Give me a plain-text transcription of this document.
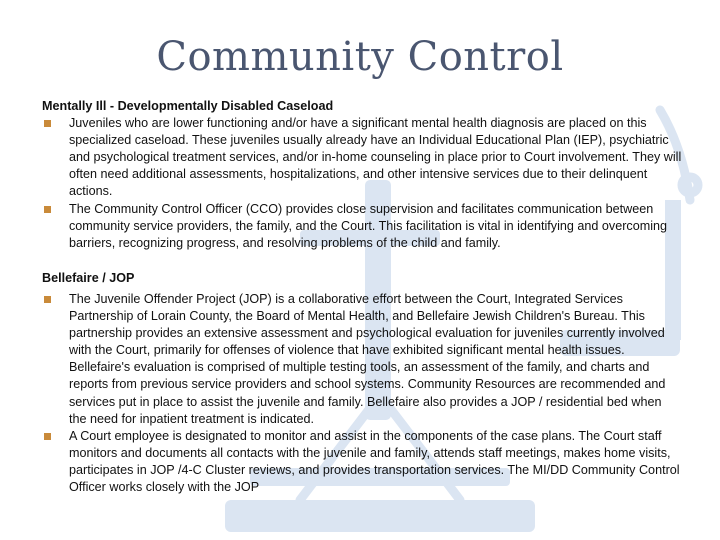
Community Control

Mentally Ill - Developmentally Disabled Caseload

Juveniles who are lower functioning and/or have a significant mental health diagnosis are placed on this specialized caseload. These juveniles usually already have an Individual Educational Plan (IEP), psychiatric and psychological treatment services, and/or in-home counseling in place prior to Court involvement. They will often need additional assessments, hospitalizations, and other intensive services due to their delinquent actions.
The Community Control Officer (CCO) provides close supervision and facilitates communication between community service providers, the family, and the Court. This facilitation is vital in identifying and overcoming barriers, recognizing progress, and resolving problems of the child and family.

Bellefaire / JOP

The Juvenile Offender Project (JOP) is a collaborative effort between the Court, Integrated Services Partnership of Lorain County, the Board of Mental Health, and Bellefaire Jewish Children's Bureau. This partnership provides an extensive assessment and psychological evaluation for juveniles currently involved with the Court, primarily for offenses of violence that have exhibited significant mental health issues. Bellefaire's evaluation is comprised of multiple testing tools, an assessment of the family, and charts and reports from previous service providers and school systems. Community Resources are recommended and services put in place to assist the juvenile and family. Bellefaire also provides a JOP / residential bed when the need for inpatient treatment is indicated.
A Court employee is designated to monitor and assist in the components of the case plans. The Court staff monitors and documents all contacts with the juvenile and family, attends staff meetings, makes home visits, participates in JOP /4-C Cluster reviews, and provides transportation services. The MI/DD Community Control Officer works closely with the JOP
